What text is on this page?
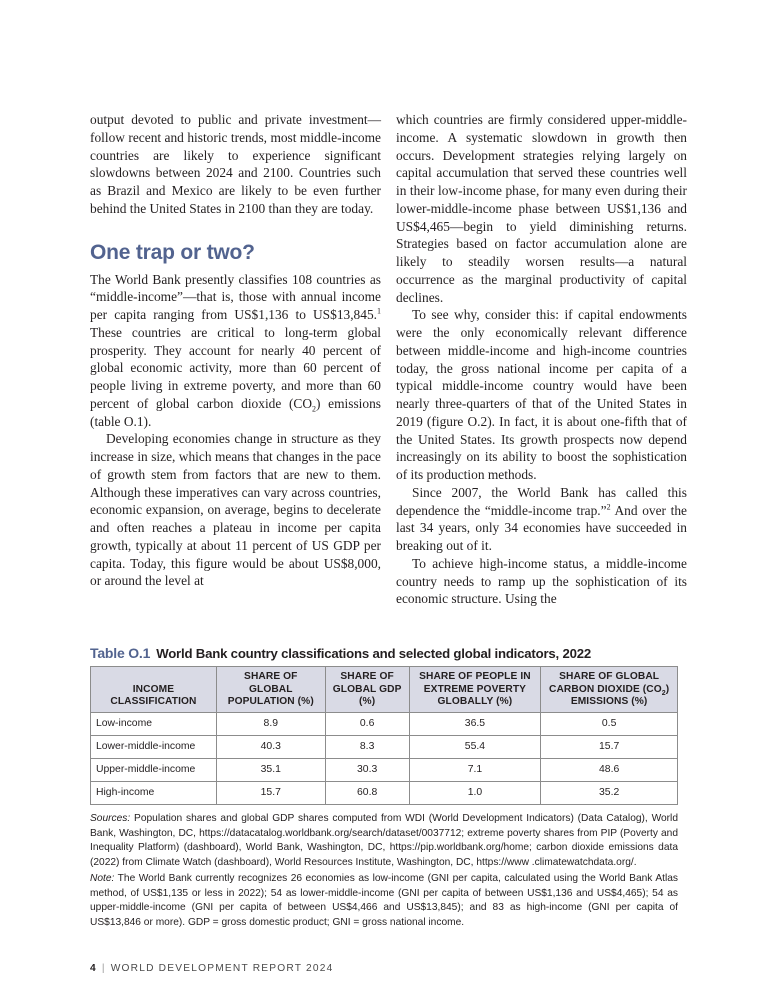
output devoted to public and private investment—follow recent and historic trends, most middle-income countries are likely to experience significant slowdowns between 2024 and 2100. Countries such as Brazil and Mexico are likely to be even further behind the United States in 2100 than they are today.

One trap or two?

The World Bank presently classifies 108 countries as “middle-income”—that is, those with annual income per capita ranging from US$1,136 to US$13,845.$^1$ These countries are critical to long-term global prosperity. They account for nearly 40 percent of global economic activity, more than 60 percent of people living in extreme poverty, and more than 60 percent of global carbon dioxide $(CO_2)$ emissions (table O.1).

Developing economies change in structure as they increase in size, which means that changes in the pace of growth stem from factors that are new to them. Although these imperatives can vary across countries, economic expansion, on average, begins to decelerate and often reaches a plateau in income per capita growth, typically at about 11 percent of US GDP per capita. Today, this figure would be about US$8,000, or around the level at

which countries are firmly considered upper-middle-income. A systematic slowdown in growth then occurs. Development strategies relying largely on capital accumulation that served these countries well in their low-income phase, for many even during their lower-middle-income phase between US$1,136 and US$4,465—begin to yield diminishing returns. Strategies based on factor accumulation alone are likely to steadily worsen results—a natural occurrence as the marginal productivity of capital declines.

To see why, consider this: if capital endowments were the only economically relevant difference between middle-income and high-income countries today, the gross national income per capita of a typical middle-income country would have been nearly three-quarters of that of the United States in 2019 (figure O.2). In fact, it is about one-fifth that of the United States. Its growth prospects now depend increasingly on its ability to boost the sophistication of its production methods.

Since 2007, the World Bank has called this dependence the “middle-income trap.”$^2$ And over the last 34 years, only 34 economies have succeeded in breaking out of it.

To achieve high-income status, a middle-income country needs to ramp up the sophistication of its economic structure. Using the

Table O.1 World Bank country classifications and selected global indicators, 2022
INCOME CLASSIFICATION	SHARE OF GLOBAL POPULATION (%)	SHARE OF GLOBAL GDP (%)	SHARE OF PEOPLE IN EXTREME POVERTY GLOBALLY (%)	SHARE OF GLOBAL CARBON DIOXIDE $(CO_2)$ EMISSIONS (%)
Low-income	8.9	0.6	36.5	0.5
Lower-middle-income	40.3	8.3	55.4	15.7
Upper-middle-income	35.1	30.3	7.1	48.6
High-income	15.7	60.8	1.0	35.2

Sources: Population shares and global GDP shares computed from WDI (World Development Indicators) (Data Catalog), World Bank, Washington, DC, https://datacatalog.worldbank.org/search/dataset/0037712; extreme poverty shares from PIP (Poverty and Inequality Platform) (dashboard), World Bank, Washington, DC, https://pip.worldbank.org/home; carbon dioxide emissions data (2022) from Climate Watch (dashboard), World Resources Institute, Washington, DC, https://www .climatewatchdata.org/.

Note: The World Bank currently recognizes 26 economies as low-income (GNI per capita, calculated using the World Bank Atlas method, of US$1,135 or less in 2022); 54 as lower-middle-income (GNI per capita of between US$1,136 and US$4,465); 54 as upper-middle-income (GNI per capita of between US$4,466 and US$13,845); and 83 as high-income (GNI per capita of US$13,846 or more). GDP = gross domestic product; GNI = gross national income.

4 | WORLD DEVELOPMENT REPORT 2024
